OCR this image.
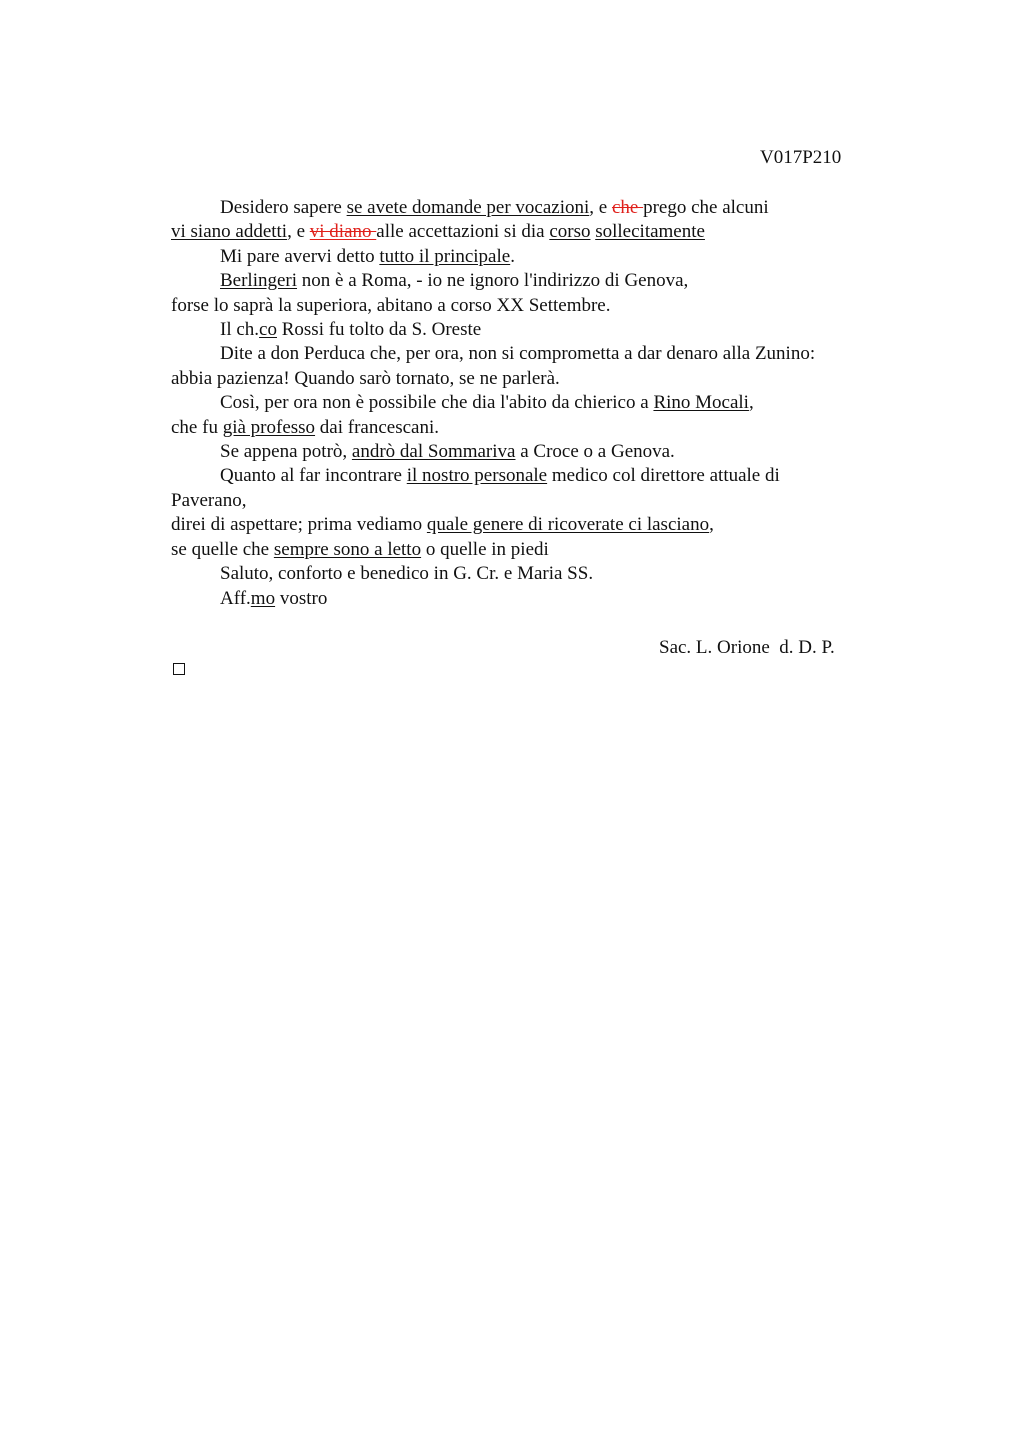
V017P210
Desidero sapere se avete domande per vocazioni, e che prego che alcuni
vi siano addetti, e vi diano alle accettazioni si dia corso sollecitamente
Mi pare avervi detto tutto il principale.
Berlingeri non è a Roma, - io ne ignoro l'indirizzo di Genova,
forse lo saprà la superiora, abitano a corso XX Settembre.
Il ch.co Rossi fu tolto da S. Oreste
Dite a don Perduca che, per ora, non si comprometta a dar denaro alla Zunino:
abbia pazienza! Quando sarò tornato, se ne parlerà.
Così, per ora non è possibile che dia l'abito da chierico a Rino Mocali,
che fu già professo dai francescani.
Se appena potrò, andrò dal Sommariva a Croce o a Genova.
Quanto al far incontrare il nostro personale medico col direttore attuale di
Paverano,
direi di aspettare; prima vediamo quale genere di ricoverate ci lasciano,
se quelle che sempre sono a letto o quelle in piedi
Saluto, conforto e benedico in G. Cr. e Maria SS.
Aff.mo vostro
Sac. L. Orione  d. D. P.
